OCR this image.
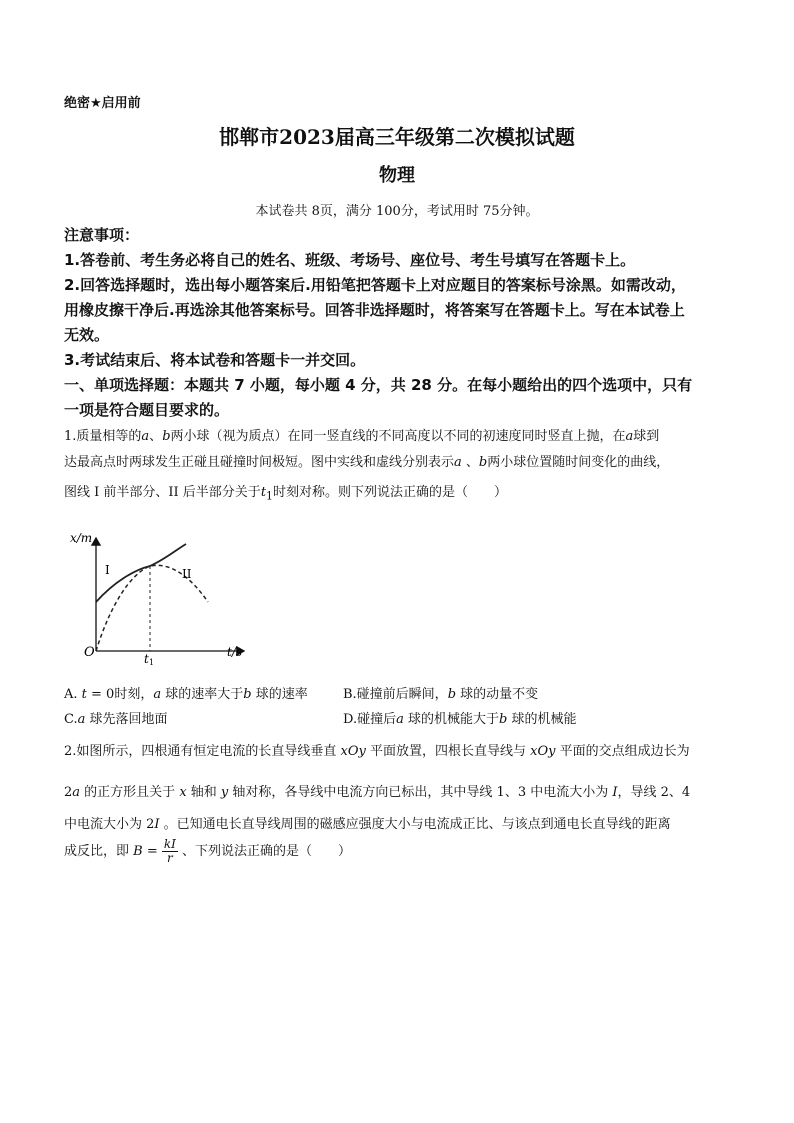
绝密★启用前
邯郸市2023届高三年级第二次模拟试题
物理
本试卷共 8页，满分 100分，考试用时 75分钟。
注意事项：
1.答卷前、考生务必将自己的姓名、班级、考场号、座位号、考生号填写在答题卡上。
2.回答选择题时，选出每小题答案后.用铅笔把答题卡上对应题目的答案标号涂黑。如需改动，
用橡皮擦干净后.再选涂其他答案标号。回答非选择题时，将答案写在答题卡上。写在本试卷上
无效。
3.考试结束后、将本试卷和答题卡一并交回。
一、单项选择题：本题共 7 小题，每小题 4 分，共 28 分。在每小题给出的四个选项中，只有
一项是符合题目要求的。
1.质量相等的a、b两小球（视为质点）在同一竖直线的不同高度以不同的初速度同时竖直上抛，在a球到
达最高点时两球发生正碰且碰撞时间极短。图中实线和虚线分别表示a 、b两小球位置随时间变化的曲线，
图线 I 前半部分、II 后半部分关于$t_1$时刻对称。则下列说法正确的是（　　）
x/m
t/s
O	t 1
I	II
A. t = 0时刻，a 球的速率大于b 球的速率	B.碰撞前后瞬间，b 球的动量不变
C.a 球先落回地面	D.碰撞后a 球的机械能大于b 球的机械能
2.如图所示，四根通有恒定电流的长直导线垂直 xOy 平面放置，四根长直导线与 xOy 平面的交点组成边长为
2a 的正方形且关于 x 轴和 y 轴对称，各导线中电流方向已标出，其中导线 1、3 中电流大小为 I，导线 2、4
中电流大小为 2I 。已知通电长直导线周围的磁感应强度大小与电流成正比、与该点到通电长直导线的距离
成反比，即 $B = \frac{kI}{r}$ 、下列说法正确的是（　　）
